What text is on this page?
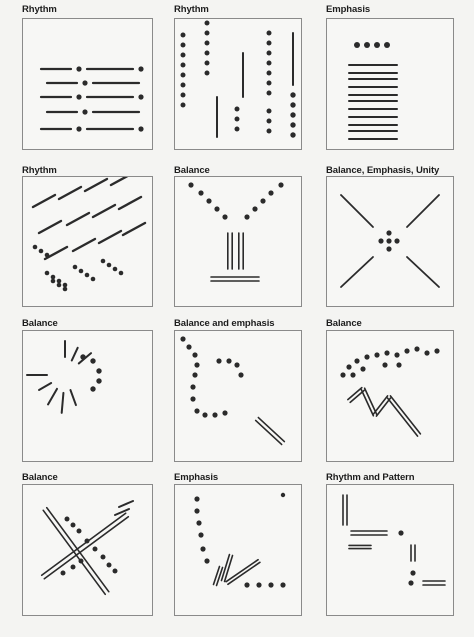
Rhythm	Rhythm	Emphasis
Rhythm	Balance	Balance, Emphasis, Unity
Balance	Balance and emphasis	Balance
Balance	Emphasis	Rhythm and Pattern
